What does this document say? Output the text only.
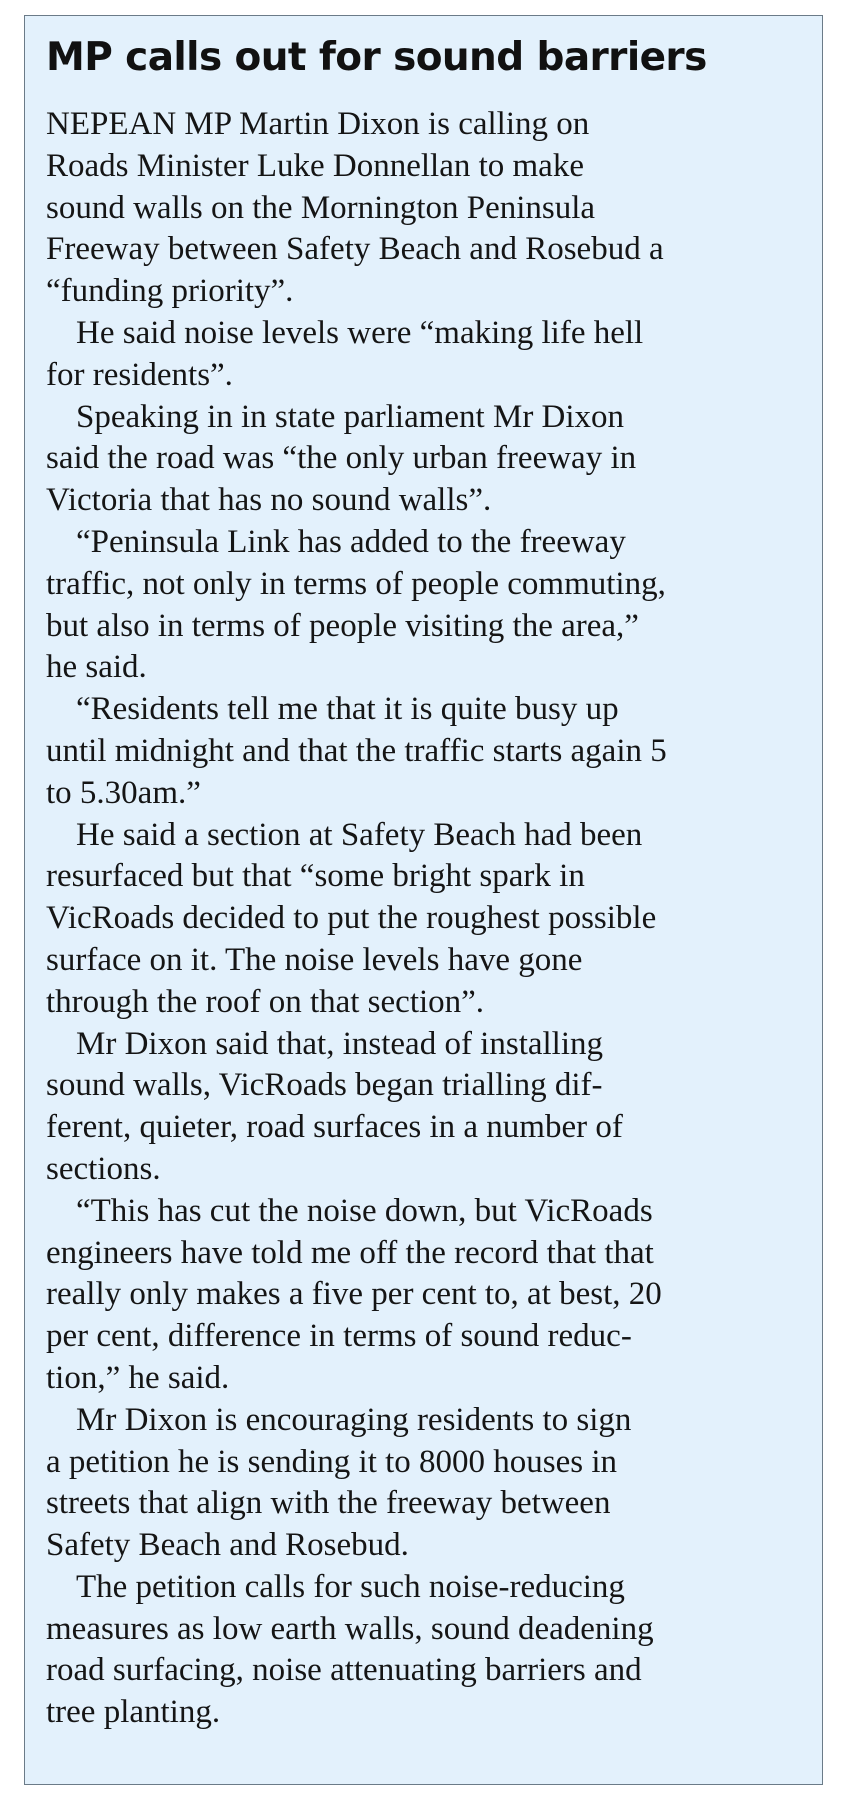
MP calls out for sound barriers

NEPEAN MP Martin Dixon is calling on
Roads Minister Luke Donnellan to make
sound walls on the Mornington Peninsula
Freeway between Safety Beach and Rosebud a
“funding priority”.

He said noise levels were “making life hell
for residents”.

Speaking in in state parliament Mr Dixon
said the road was “the only urban freeway in
Victoria that has no sound walls”.

“Peninsula Link has added to the freeway
traffic, not only in terms of people commuting,
but also in terms of people visiting the area,”
he said.

“Residents tell me that it is quite busy up
until midnight and that the traffic starts again 5
to 5.30am.”

He said a section at Safety Beach had been
resurfaced but that “some bright spark in
VicRoads decided to put the roughest possible
surface on it. The noise levels have gone
through the roof on that section”.

Mr Dixon said that, instead of installing
sound walls, VicRoads began trialling dif-
ferent, quieter, road surfaces in a number of
sections.

“This has cut the noise down, but VicRoads
engineers have told me off the record that that
really only makes a five per cent to, at best, 20
per cent, difference in terms of sound reduc-
tion,” he said.

Mr Dixon is encouraging residents to sign
a petition he is sending it to 8000 houses in
streets that align with the freeway between
Safety Beach and Rosebud.

The petition calls for such noise-reducing
measures as low earth walls, sound deadening
road surfacing, noise attenuating barriers and
tree planting.
